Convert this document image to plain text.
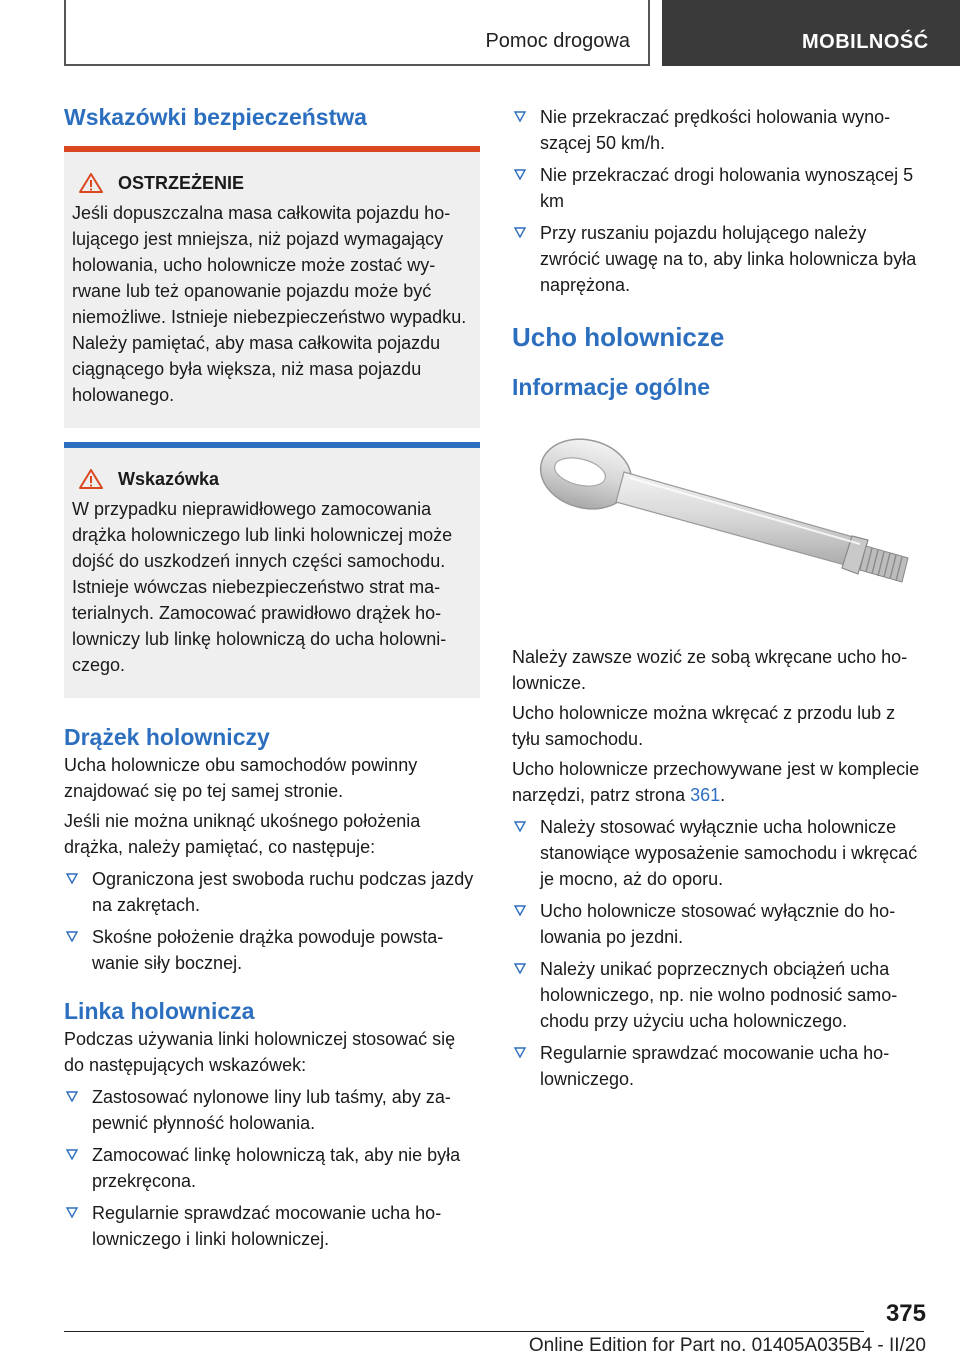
Pomoc drogowa	MOBILNOŚĆ
Wskazówki bezpieczeństwa
OSTRZEŻENIE
Jeśli dopuszczalna masa całkowita pojazdu holującego jest mniejsza, niż pojazd wymagający holowania, ucho holownicze może zostać wyrwane lub też opanowanie pojazdu może być niemożliwe. Istnieje niebezpieczeństwo wypadku. Należy pamiętać, aby masa całkowita pojazdu ciągnącego była większa, niż masa pojazdu holowanego.
Wskazówka
W przypadku nieprawidłowego zamocowania drążka holowniczego lub linki holowniczej może dojść do uszkodzeń innych części samochodu. Istnieje wówczas niebezpieczeństwo strat materialnych. Zamocować prawidłowo drążek holowniczy lub linkę holowniczą do ucha holowniczego.
Drążek holowniczy

Ucha holownicze obu samochodów powinny znajdować się po tej samej stronie.

Jeśli nie można uniknąć ukośnego położenia drążka, należy pamiętać, co następuje:

Ograniczona jest swoboda ruchu podczas jazdy na zakrętach.
Skośne położenie drążka powoduje powstawanie siły bocznej.
Linka holownicza

Podczas używania linki holowniczej stosować się do następujących wskazówek:

Zastosować nylonowe liny lub taśmy, aby zapewnić płynność holowania.
Zamocować linkę holowniczą tak, aby nie była przekręcona.
Regularnie sprawdzać mocowanie ucha holowniczego i linki holowniczej.
Nie przekraczać prędkości holowania wynoszącej 50 km/h.
Nie przekraczać drogi holowania wynoszącej 5 km
Przy ruszaniu pojazdu holującego należy zwrócić uwagę na to, aby linka holownicza była naprężona.
Ucho holownicze
Informacje ogólne

Należy zawsze wozić ze sobą wkręcane ucho holownicze.

Ucho holownicze można wkręcać z przodu lub z tyłu samochodu.

Ucho holownicze przechowywane jest w komplecie narzędzi, patrz strona 361.

Należy stosować wyłącznie ucha holownicze stanowiące wyposażenie samochodu i wkręcać je mocno, aż do oporu.
Ucho holownicze stosować wyłącznie do holowania po jezdni.
Należy unikać poprzecznych obciążeń ucha holowniczego, np. nie wolno podnosić samochodu przy użyciu ucha holowniczego.
Regularnie sprawdzać mocowanie ucha holowniczego.
375
Online Edition for Part no. 01405A035B4 - II/20
